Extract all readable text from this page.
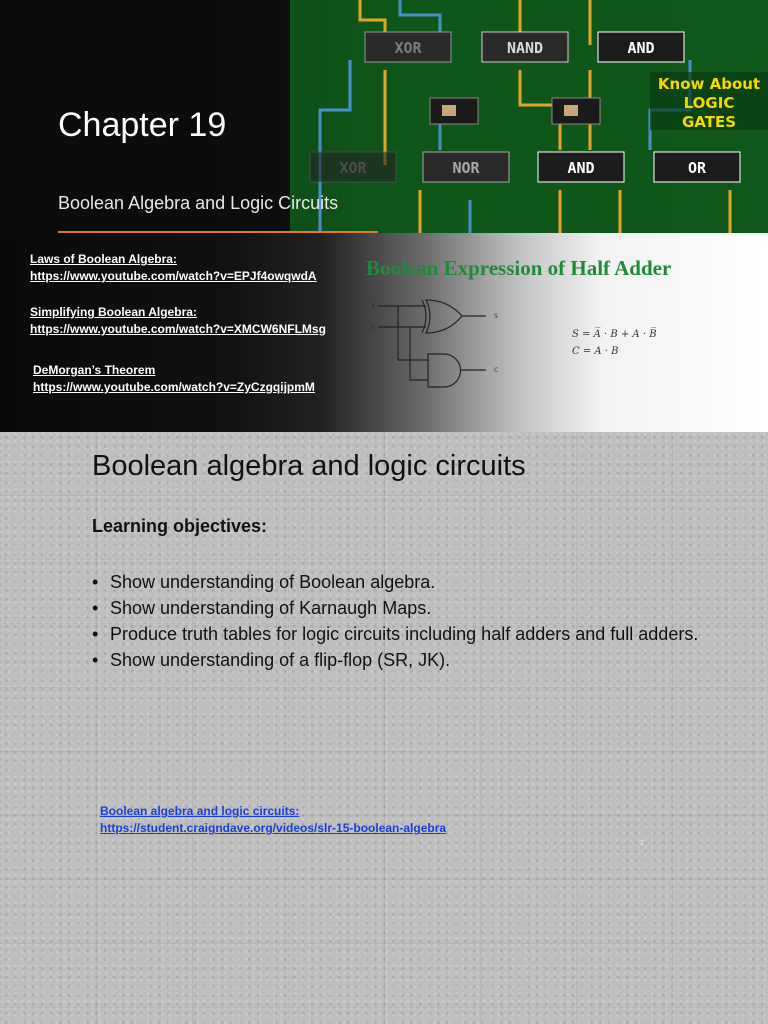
XOR	NAND	AND
Know About
LOGIC
GATES
XOR	NOR	AND	OR
Chapter 19
Boolean Algebra and Logic Circuits
Laws of Boolean Algebra:
https://www.youtube.com/watch?v=EPJf4owqwdA
Simplifying Boolean Algebra:
https://www.youtube.com/watch?v=XMCW6NFLMsg
DeMorgan’s Theorem
https://www.youtube.com/watch?v=ZyCzgqijpmM
Boolean Expression of Half Adder
A
B
S
C
S = A̅ · B + A · B̅
C = A · B
Boolean algebra and logic circuits
Learning objectives:
• Show understanding of Boolean algebra.
• Show understanding of Karnaugh Maps.
• Produce truth tables for logic circuits including half adders and full adders.
• Show understanding of a flip-flop (SR, JK).
Boolean algebra and logic circuits:
https://student.craigndave.org/videos/slr-15-boolean-algebra
2
